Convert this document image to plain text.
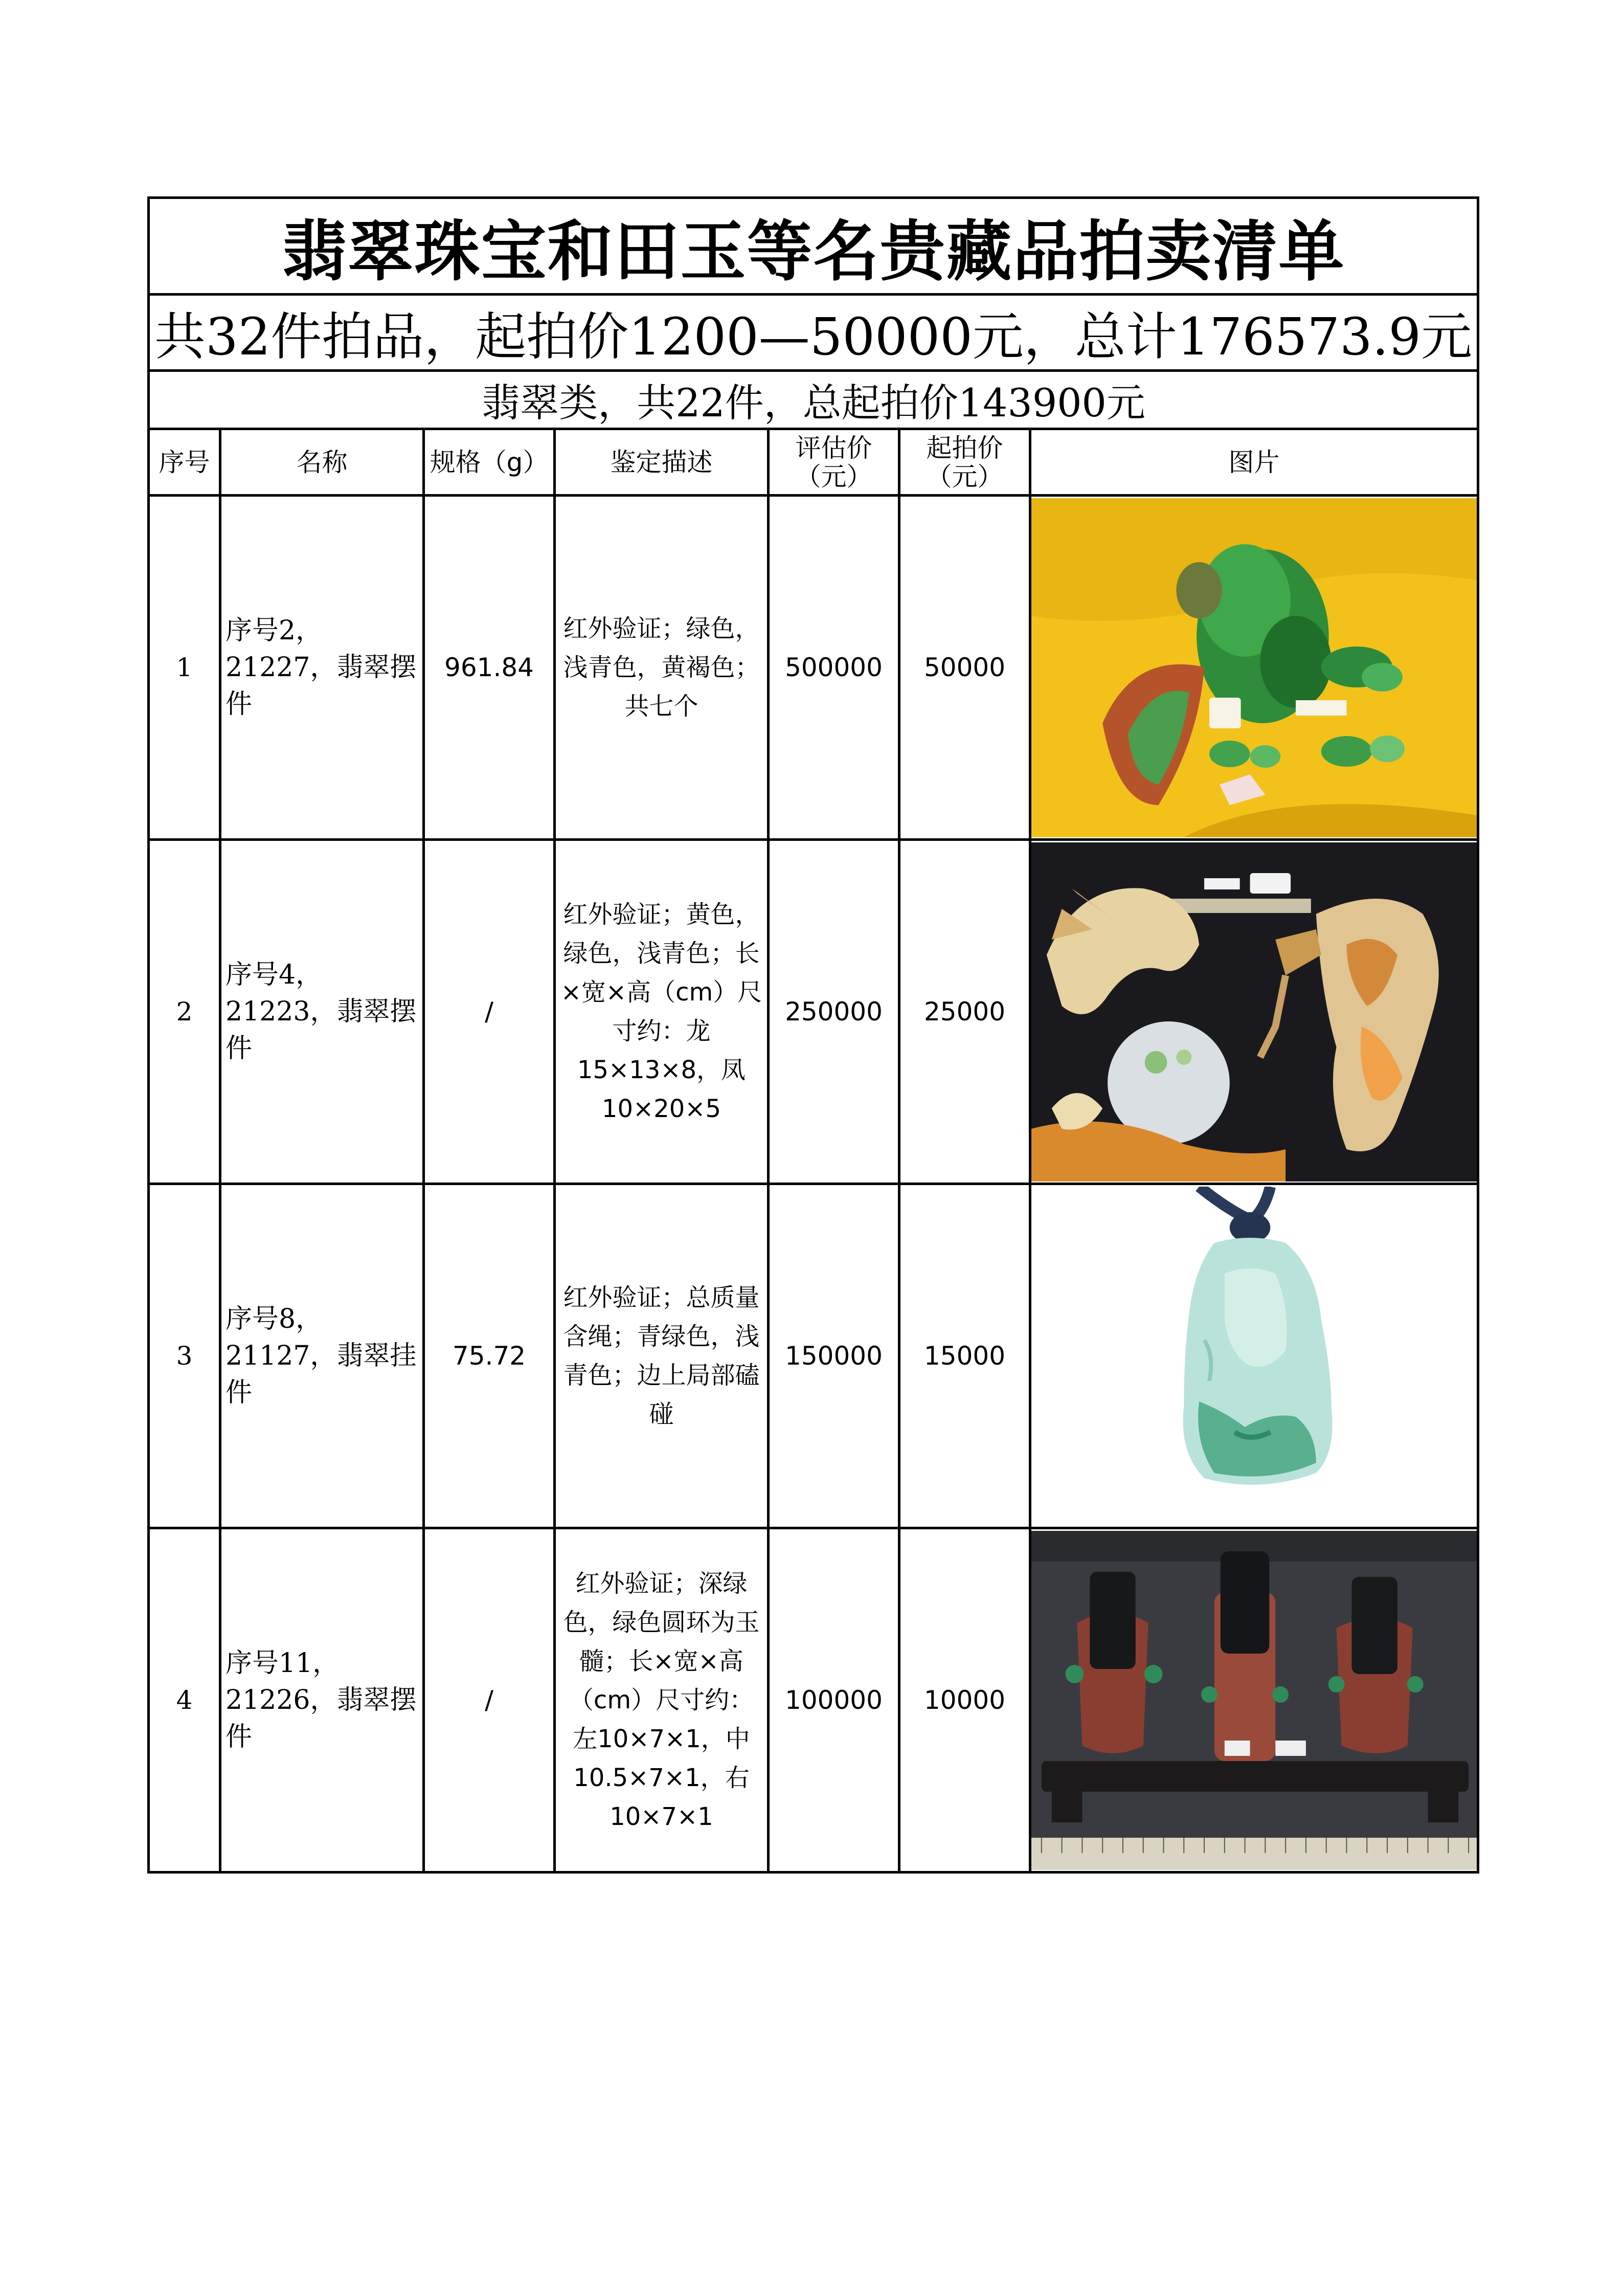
翡翠珠宝和田玉等名贵藏品拍卖清单						
共32件拍品，起拍价1200—50000元，总计176573.9元						
翡翠类，共22件，总起拍价143900元						
序号	名称	规格（g）	鉴定描述	评估价（元）	起拍价（元）	图片
1	序号2，21227，翡翠摆件	961.84	红外验证；绿色，浅青色，黄褐色；共七个	500000	50000	

2	序号4，21223，翡翠摆件	/	红外验证；黄色，绿色，浅青色；长×宽×高（cm）尺寸约：龙15×13×8，凤10×20×5	250000	25000	

3	序号8，21127，翡翠挂件	75.72	红外验证；总质量含绳；青绿色，浅青色；边上局部磕碰	150000	15000	

4	序号11，21226，翡翠摆件	/	红外验证；深绿色，绿色圆环为玉髓；长×宽×高（cm）尺寸约：左10×7×1，中10.5×7×1，右10×7×1	100000	10000	
